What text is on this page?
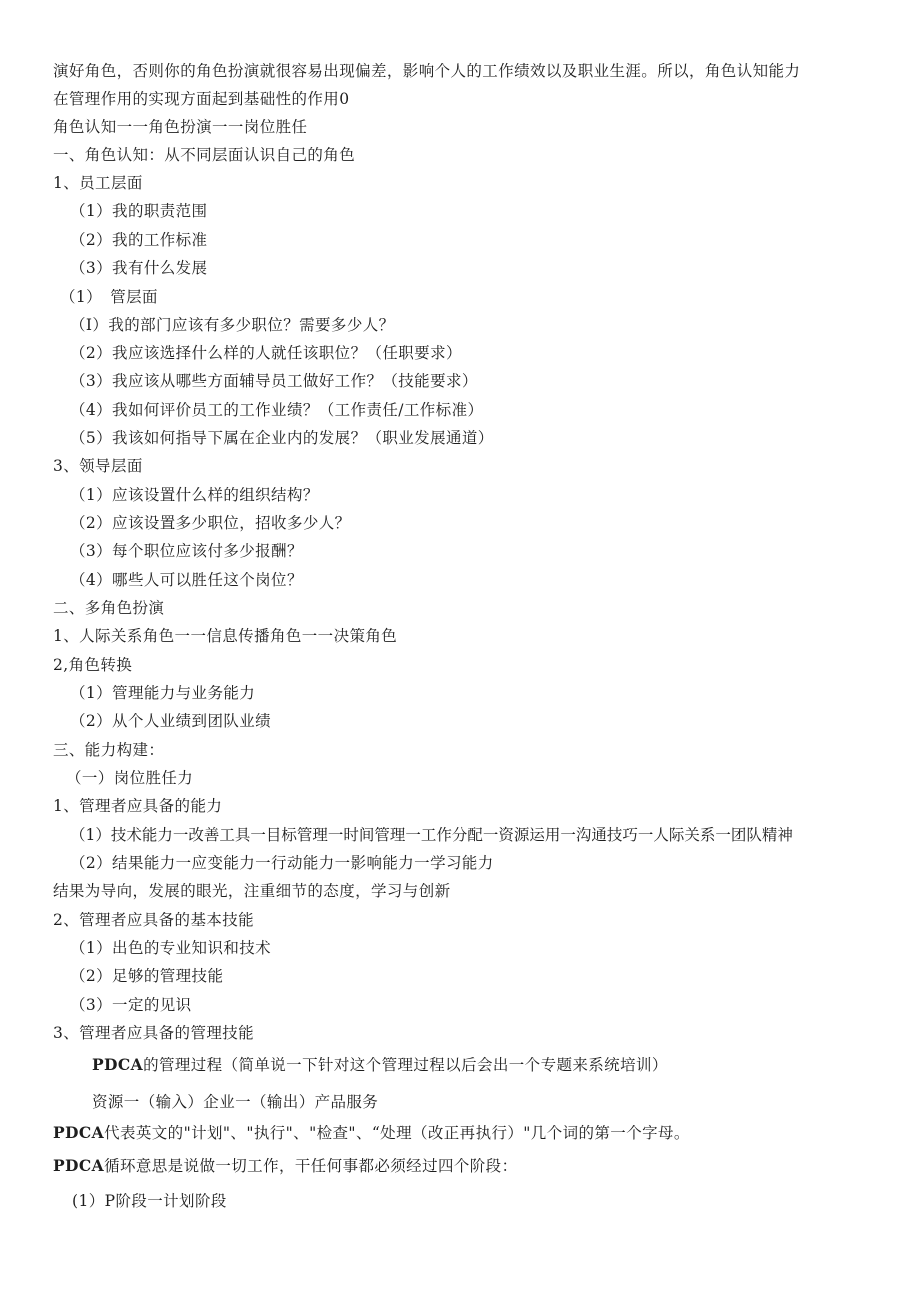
演好角色，否则你的角色扮演就很容易出现偏差，影响个人的工作绩效以及职业生涯。所以，角色认知能力
在管理作用的实现方面起到基础性的作用0
角色认知一一角色扮演一一岗位胜任
一、角色认知：从不同层面认识自己的角色
1、员工层面
（1）我的职责范围
（2）我的工作标准
（3）我有什么发展
（1）　管层面
（I）我的部门应该有多少职位？需要多少人？
（2）我应该选择什么样的人就任该职位？（任职要求）
（3）我应该从哪些方面辅导员工做好工作？（技能要求）
（4）我如何评价员工的工作业绩？（工作责任/工作标准）
（5）我该如何指导下属在企业内的发展？（职业发展通道）
3、领导层面
（1）应该设置什么样的组织结构？
（2）应该设置多少职位，招收多少人？
（3）每个职位应该付多少报酬？
（4）哪些人可以胜任这个岗位？
二、多角色扮演
1、人际关系角色一一信息传播角色一一决策角色
2,角色转换
（1）管理能力与业务能力
（2）从个人业绩到团队业绩
三、能力构建：
（一）岗位胜任力
1、管理者应具备的能力
（1）技术能力一改善工具一目标管理一时间管理一工作分配一资源运用一沟通技巧一人际关系一团队精神
（2）结果能力一应变能力一行动能力一影响能力一学习能力
结果为导向，发展的眼光，注重细节的态度，学习与创新
2、管理者应具备的基本技能
（1）出色的专业知识和技术
（2）足够的管理技能
（3）一定的见识
3、管理者应具备的管理技能
PDCA的管理过程（简单说一下针对这个管理过程以后会出一个专题来系统培训）
资源一（输入）企业一（输出）产品服务
PDCA代表英文的"计划"、"执行"、"检查"、“处理（改正再执行）"几个词的第一个字母。
PDCA循环意思是说做一切工作，干任何事都必须经过四个阶段：
(1）P阶段一计划阶段
